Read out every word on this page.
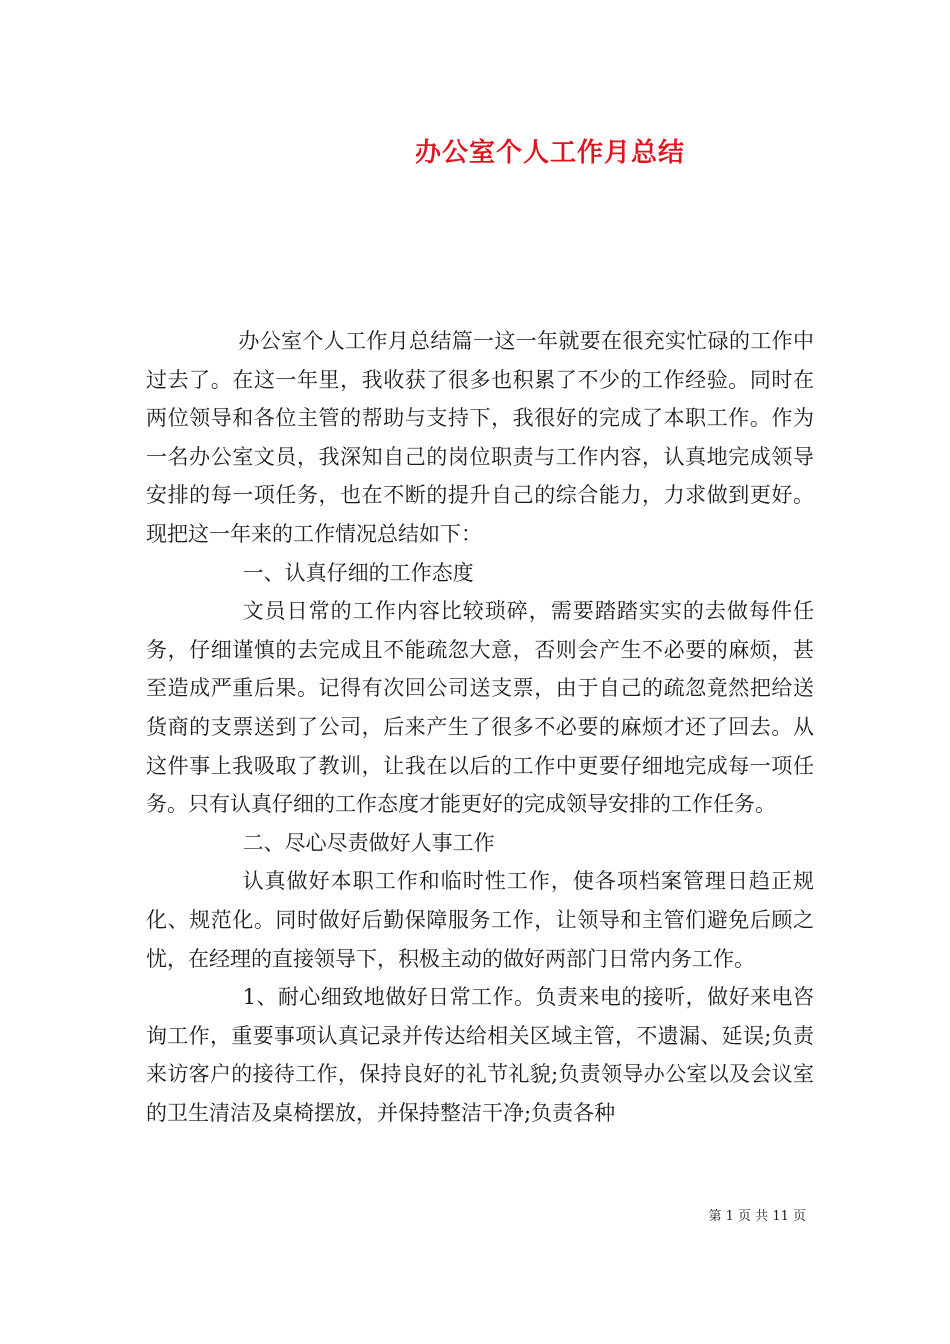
办公室个人工作月总结

办公室个人工作月总结篇一这一年就要在很充实忙碌的工作中过去了。在这一年里，我收获了很多也积累了不少的工作经验。同时在两位领导和各位主管的帮助与支持下，我很好的完成了本职工作。作为一名办公室文员，我深知自己的岗位职责与工作内容，认真地完成领导安排的每一项任务，也在不断的提升自己的综合能力，力求做到更好。现把这一年来的工作情况总结如下：

一、认真仔细的工作态度

文员日常的工作内容比较琐碎，需要踏踏实实的去做每件任务，仔细谨慎的去完成且不能疏忽大意，否则会产生不必要的麻烦，甚至造成严重后果。记得有次回公司送支票，由于自己的疏忽竟然把给送货商的支票送到了公司，后来产生了很多不必要的麻烦才还了回去。从这件事上我吸取了教训，让我在以后的工作中更要仔细地完成每一项任务。只有认真仔细的工作态度才能更好的完成领导安排的工作任务。

二、尽心尽责做好人事工作

认真做好本职工作和临时性工作，使各项档案管理日趋正规化、规范化。同时做好后勤保障服务工作，让领导和主管们避免后顾之忧，在经理的直接领导下，积极主动的做好两部门日常内务工作。

1、耐心细致地做好日常工作。负责来电的接听，做好来电咨询工作，重要事项认真记录并传达给相关区域主管，不遗漏、延误;负责来访客户的接待工作，保持良好的礼节礼貌;负责领导办公室以及会议室的卫生清洁及桌椅摆放，并保持整洁干净;负责各种

第 1 页 共 11 页
